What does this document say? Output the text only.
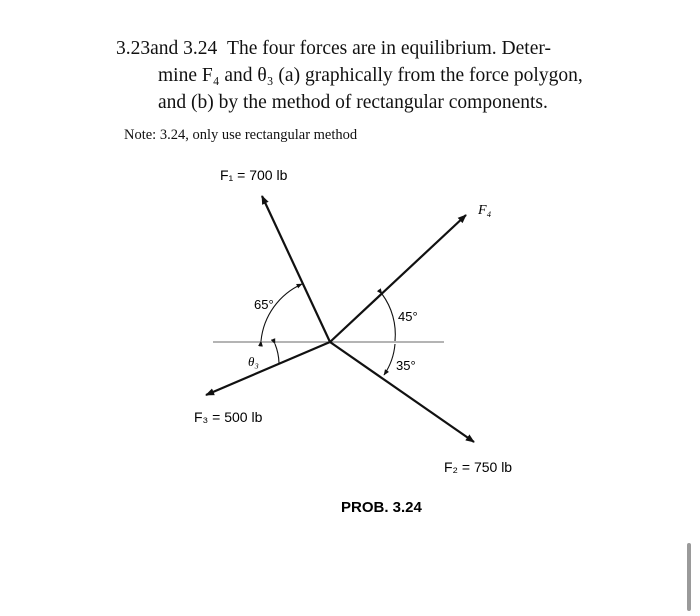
3.23and 3.24 The four forces are in equilibrium. Deter-
mine F₄ and θ₃ (a) graphically from the force polygon,
and (b) by the method of rectangular components.
Note: 3.24, only use rectangular method
F₁ = 700 lb
F₄
65°
45°
35°
θ₃
F₃ = 500 lb
F₂ = 750 lb
PROB. 3.24
